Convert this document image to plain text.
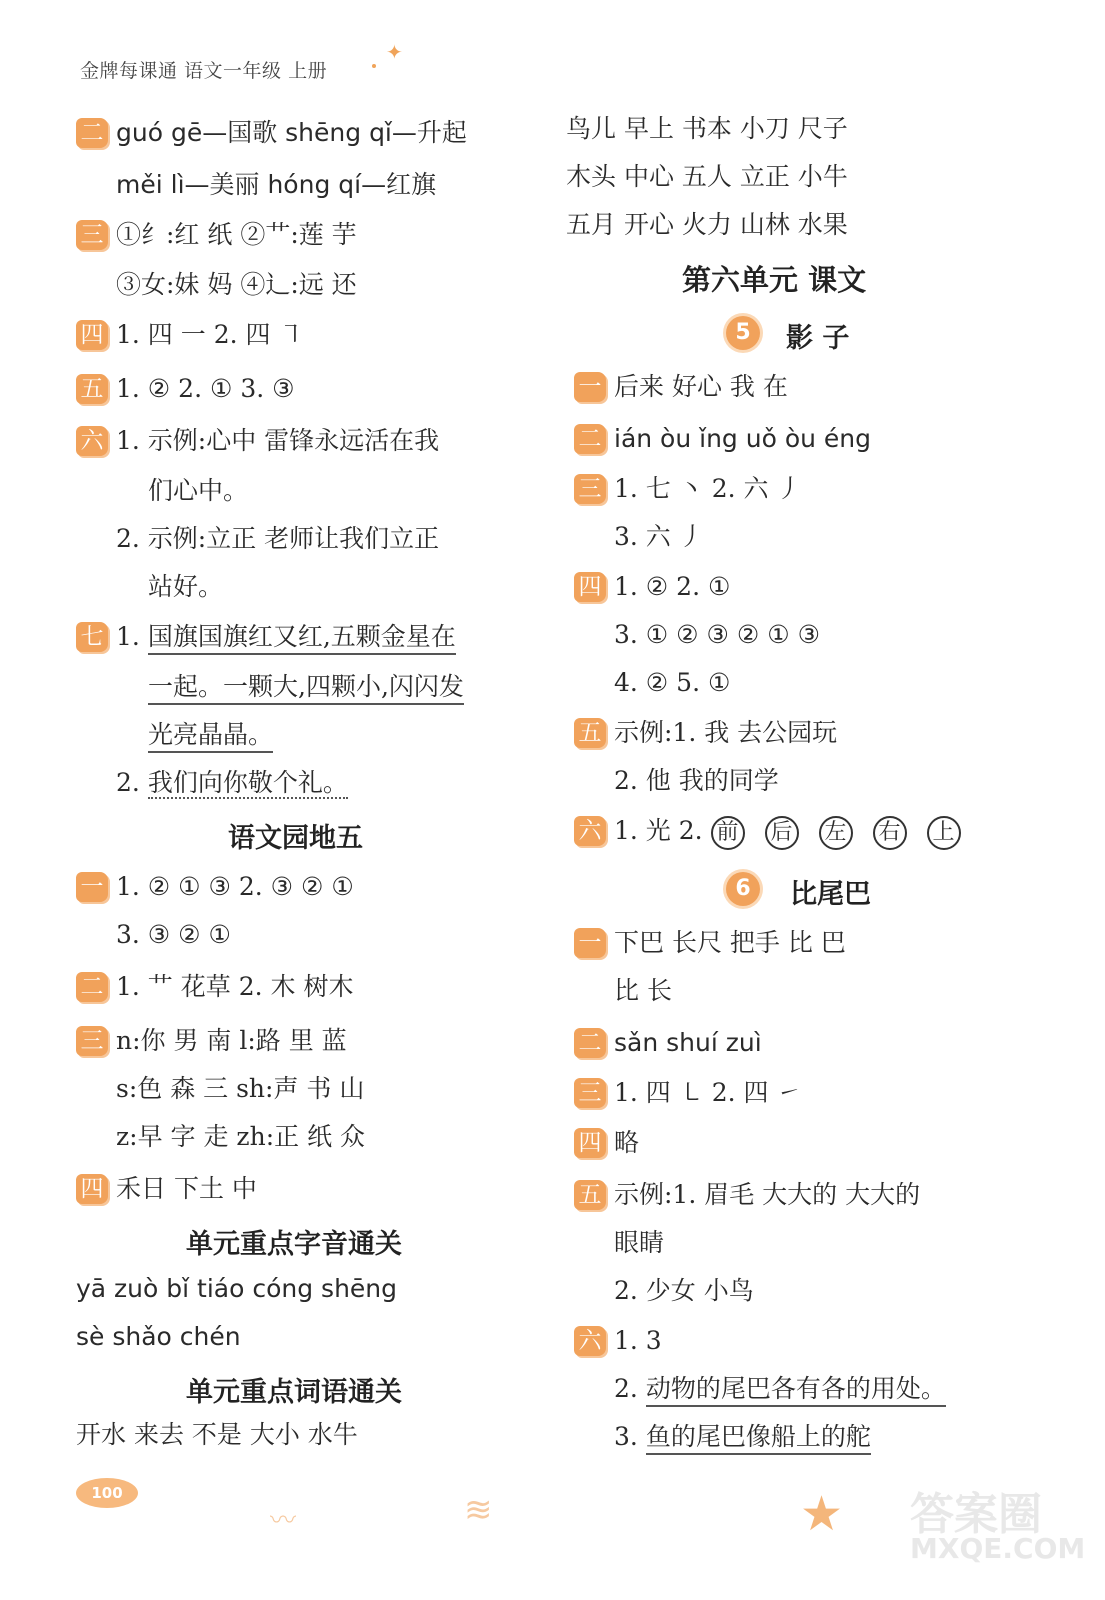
金牌每课通 语文一年级 上册
✦
二 guó gē—国歌 shēng qǐ—升起
měi lì—美丽 hóng qí—红旗
三 ①纟:红 纸 ②艹:莲 芋
③女:妹 妈 ④辶:远 还
四 1. 四 一 2. 四 ㇕
五 1. ② 2. ① 3. ③
六 1. 示例:心中 雷锋永远活在我
们心中。
2. 示例:立正 老师让我们立正
站好。
七 1. 国旗国旗红又红,五颗金星在
一起。一颗大,四颗小,闪闪发
光亮晶晶。
2. 我们向你敬个礼。
语文园地五
一 1. ② ① ③ 2. ③ ② ①
3. ③ ② ①
二 1. 艹 花草 2. 木 树木
三 n:你 男 南 l:路 里 蓝
s:色 森 三 sh:声 书 山
z:早 字 走 zh:正 纸 众
四 禾日 下土 中
单元重点字音通关
yā zuò bǐ tiáo cóng shēng
sè shǎo chén
单元重点词语通关
开水 来去 不是 大小 水牛
鸟儿 早上 书本 小刀 尺子
木头 中心 五人 立正 小牛
五月 开心 火力 山林 水果
第六单元 课文
5	影 子
一 后来 好心 我 在
二 ián òu ǐng uǒ òu éng
三 1. 七 丶 2. 六 丿
3. 六 丿
四 1. ② 2. ①
3. ① ② ③ ② ① ③
4. ② 5. ①
五 示例:1. 我 去公园玩
2. 他 我的同学
六 1. 光 2. 前 后 左 右 上
6	比尾巴
一 下巴 长尺 把手 比 巴
比 长
二 sǎn shuí zuì
三 1. 四 ㇄ 2. 四 ㇀
四 略
五 示例:1. 眉毛 大大的 大大的
眼睛
2. 少女 小鸟
六 1. 3
2. 动物的尾巴各有各的用处。
3. 鱼的尾巴像船上的舵
100
〰	≋	★ 答案圈
MXQE.COM
